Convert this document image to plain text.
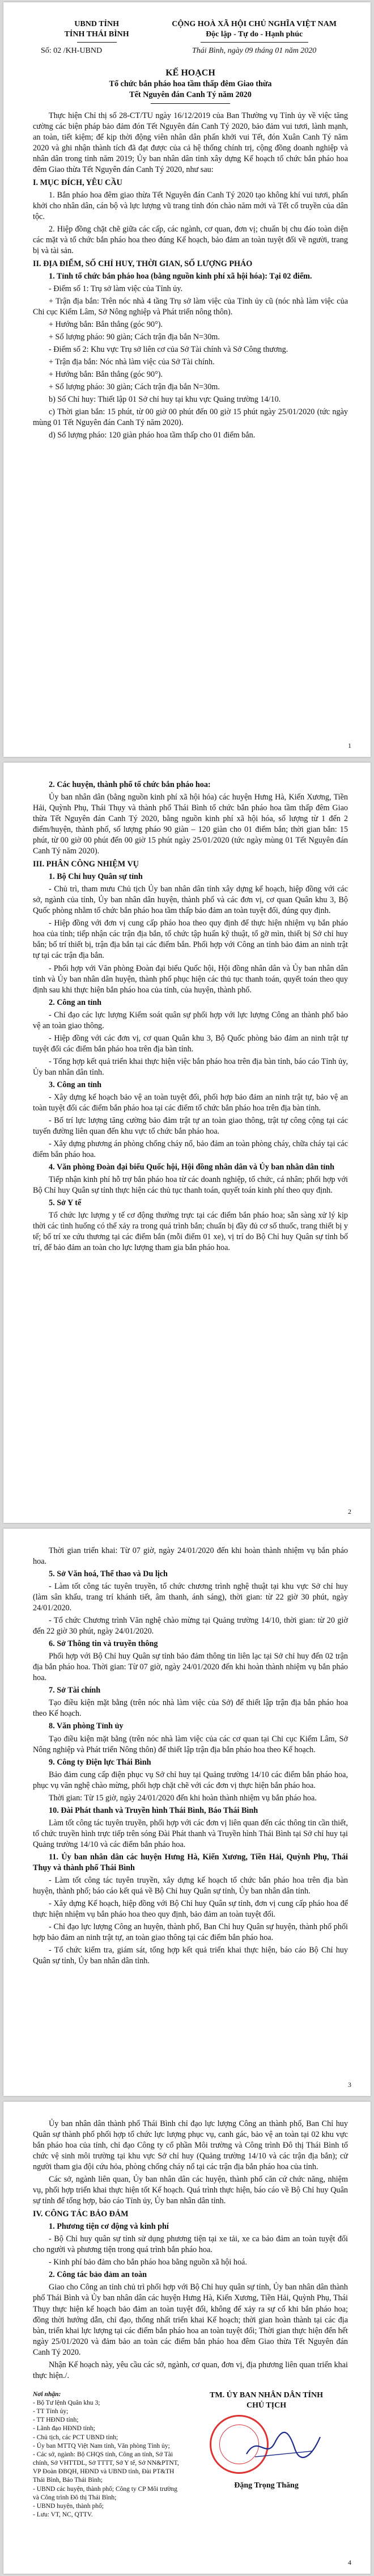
UBND TỈNH
TỈNH THÁI BÌNH
Số: 02 /KH-UBND
CỘNG HOÀ XÃ HỘI CHỦ NGHĨA VIỆT NAM
Độc lập - Tự do - Hạnh phúc
Thái Bình, ngày 09 tháng 01 năm 2020
KẾ HOẠCH
Tổ chức bắn pháo hoa tầm thấp đêm Giao thừa
Tết Nguyên đán Canh Tý năm 2020

Thực hiện Chỉ thị số 28-CT/TU ngày 16/12/2019 của Ban Thường vụ Tỉnh ủy về việc tăng cường các biện pháp bảo đảm đón Tết Nguyên đán Canh Tý 2020, bảo đảm vui tươi, lành mạnh, an toàn, tiết kiệm; để kịp thời động viên nhân dân phấn khởi vui Tết, đón Xuân Canh Tý năm 2020 và ghi nhận thành tích đã đạt được của cả hệ thống chính trị, cộng đồng doanh nghiệp và nhân dân trong tỉnh năm 2019; Ủy ban nhân dân tỉnh xây dựng Kế hoạch tổ chức bắn pháo hoa đêm Giao thừa Tết Nguyên đán Canh Tý 2020, như sau:

I. MỤC ĐÍCH, YÊU CẦU

1. Bắn pháo hoa đêm giao thừa Tết Nguyên đán Canh Tý 2020 tạo không khí vui tươi, phấn khởi cho nhân dân, cán bộ và lực lượng vũ trang tỉnh đón chào năm mới và Tết cổ truyền của dân tộc.

2. Hiệp đồng chặt chẽ giữa các cấp, các ngành, cơ quan, đơn vị; chuẩn bị chu đáo toàn diện các mặt và tổ chức bắn pháo hoa theo đúng Kế hoạch, bảo đảm an toàn tuyệt đối về người, trang bị và tài sản.

II. ĐỊA ĐIỂM, SỐ CHỈ HUY, THỜI GIAN, SỐ LƯỢNG PHÁO

1. Tỉnh tổ chức bắn pháo hoa (bằng nguồn kinh phí xã hội hóa): Tại 02 điểm.

- Điểm số 1: Trụ sở làm việc của Tỉnh ủy.

+ Trận địa bắn: Trên nóc nhà 4 tầng Trụ sở làm việc của Tỉnh ủy cũ (nóc nhà làm việc của Chi cục Kiểm Lâm, Sở Nông nghiệp và Phát triển nông thôn).

+ Hướng bắn: Bắn thẳng (góc 90°).

+ Số lượng pháo: 90 giàn; Cách trận địa bắn N=30m.

- Điểm số 2: Khu vực Trụ sở liên cơ của Sở Tài chính và Sở Công thương.

+ Trận địa bắn: Nóc nhà làm việc của Sở Tài chính.

+ Hướng bắn: Bắn thẳng (góc 90°).

+ Số lượng pháo: 30 giàn; Cách trận địa bắn N=30m.

b) Số Chỉ huy: Thiết lập 01 Sở chỉ huy tại khu vực Quảng trường 14/10.

c) Thời gian bắn: 15 phút, từ 00 giờ 00 phút đến 00 giờ 15 phút ngày 25/01/2020 (tức ngày mùng 01 Tết Nguyên đán Canh Tý năm 2020).

d) Số lượng pháo: 120 giàn pháo hoa tầm thấp cho 01 điểm bắn.

1

2. Các huyện, thành phố tổ chức bắn pháo hoa:

Ủy ban nhân dân (bằng nguồn kinh phí xã hội hóa) các huyện Hưng Hà, Kiến Xương, Tiền Hải, Quỳnh Phụ, Thái Thụy và thành phố Thái Bình tổ chức bắn pháo hoa tầm thấp đêm Giao thừa Tết Nguyên đán Canh Tý 2020, bằng nguồn kinh phí xã hội hóa, số lượng từ 1 đến 2 điểm/huyện, thành phố, số lượng pháo 90 giàn – 120 giàn cho 01 điểm bắn; thời gian bắn: 15 phút, từ 00 giờ 00 phút đến 00 giờ 15 phút ngày 25/01/2020 (tức ngày mùng 01 Tết Nguyên đán Canh Tý năm 2020).

III. PHÂN CÔNG NHIỆM VỤ

1. Bộ Chỉ huy Quân sự tỉnh

- Chủ trì, tham mưu Chủ tịch Ủy ban nhân dân tỉnh xây dựng kế hoạch, hiệp đồng với các sở, ngành của tỉnh, Ủy ban nhân dân huyện, thành phố và các đơn vị, cơ quan Quân khu 3, Bộ Quốc phòng nhằm tổ chức bắn pháo hoa tầm thấp bảo đảm an toàn tuyệt đối, đúng quy định.

- Hiệp đồng với đơn vị cung cấp pháo hoa theo quy định để thực hiện nhiệm vụ bắn pháo hoa của tỉnh; tiếp nhận các trận địa bắn, tổ chức tập huấn kỹ thuật, tổ gỡ mìn, thiết bị Sở chỉ huy bắn; bố trí thiết bị, trận địa bắn tại các điểm bắn. Phối hợp với Công an tỉnh bảo đảm an ninh trật tự tại các trận địa bắn.

- Phối hợp với Văn phòng Đoàn đại biểu Quốc hội, Hội đồng nhân dân và Ủy ban nhân dân tỉnh và Ủy ban nhân dân huyện, thành phố phục hiện các thủ tục thanh toán, quyết toán theo quy định sau khi thực hiện bắn pháo hoa của tỉnh, của huyện, thành phố.

2. Công an tỉnh

- Chỉ đạo các lực lượng Kiểm soát quân sự phối hợp với lực lượng Công an thành phố bảo vệ an toàn giao thông.

- Hiệp đồng với các đơn vị, cơ quan Quân khu 3, Bộ Quốc phòng bảo đảm an ninh trật tự tuyệt đối các điểm bắn pháo hoa trên địa bàn tỉnh.

- Tổng hợp kết quả triển khai thực hiện việc bắn pháo hoa trên địa bàn tỉnh, báo cáo Tỉnh ủy, Ủy ban nhân dân tỉnh.

3. Công an tỉnh

- Xây dựng kế hoạch bảo vệ an toàn tuyệt đối, phối hợp bảo đảm an ninh trật tự, bảo vệ an toàn tuyệt đối các điểm bắn pháo hoa tại các điểm tổ chức bắn pháo hoa trên địa bàn tỉnh.

- Bố trí lực lượng tăng cường bảo đảm trật tự an toàn giao thông, trật tự công cộng tại các tuyến đường liên quan đến khu vực tổ chức bắn pháo hoa.

- Xây dựng phương án phòng chống cháy nổ, bảo đảm an toàn phòng cháy, chữa cháy tại các điểm bắn pháo hoa.

4. Văn phòng Đoàn đại biểu Quốc hội, Hội đồng nhân dân và Ủy ban nhân dân tỉnh

Tiếp nhận kinh phí hỗ trợ bắn pháo hoa từ các doanh nghiệp, tổ chức, cá nhân; phối hợp với Bộ Chỉ huy Quân sự tỉnh thực hiện các thủ tục thanh toán, quyết toán kinh phí theo quy định.

5. Sở Y tế

Tổ chức lực lượng y tế cơ động thường trực tại các điểm bắn pháo hoa; sẵn sàng xử lý kịp thời các tình huống có thể xảy ra trong quá trình bắn; chuẩn bị đầy đủ cơ số thuốc, trang thiết bị y tế; bố trí xe cứu thương tại các điểm bắn (mỗi điểm 01 xe), vị trí do Bộ Chỉ huy Quân sự tỉnh bố trí, để bảo đảm an toàn cho lực lượng tham gia bắn pháo hoa.

2

Thời gian triển khai: Từ 07 giờ, ngày 24/01/2020 đến khi hoàn thành nhiệm vụ bắn pháo hoa.

5. Sở Văn hoá, Thể thao và Du lịch

- Làm tốt công tác tuyên truyền, tổ chức chương trình nghệ thuật tại khu vực Sở chỉ huy (làm sân khấu, trang trí khánh tiết, âm thanh, ánh sáng), thời gian: từ 22 giờ 30 phút, ngày 24/01/2020.

- Tổ chức Chương trình Văn nghệ chào mừng tại Quảng trường 14/10, thời gian: từ 20 giờ đến 22 giờ 30 phút, ngày 24/01/2020.

6. Sở Thông tin và truyền thông

Phối hợp với Bộ Chỉ huy Quân sự tỉnh bảo đảm thông tin liên lạc tại Sở chỉ huy đến 02 trận địa bắn pháo hoa. Thời gian: Từ 07 giờ, ngày 24/01/2020 đến khi hoàn thành nhiệm vụ bắn pháo hoa.

7. Sở Tài chính

Tạo điều kiện mặt bằng (trên nóc nhà làm việc của Sở) để thiết lập trận địa bắn pháo hoa theo Kế hoạch.

8. Văn phòng Tỉnh ủy

Tạo điều kiện mặt bằng (trên nóc nhà làm việc của các cơ quan tại Chi cục Kiểm Lâm, Sở Nông nghiệp và Phát triển Nông thôn) để thiết lập trận địa bắn pháo hoa theo Kế hoạch.

9. Công ty Điện lực Thái Bình

Bảo đảm cung cấp điện phục vụ Sở chỉ huy tại Quảng trường 14/10 các điểm bắn pháo hoa, phục vụ văn nghệ chào mừng, phối hợp chặt chẽ với các đơn vị thực hiện bắn pháo hoa.

Thời gian: Từ 15 giờ, ngày 24/01/2020 đến khi hoàn thành nhiệm vụ bắn pháo hoa.

10. Đài Phát thanh và Truyền hình Thái Bình, Báo Thái Bình

Làm tốt công tác tuyên truyền, phối hợp với các đơn vị liên quan đến các thông tin cần thiết, tổ chức truyền hình trực tiếp trên sóng Đài Phát thanh và Truyền hình Thái Bình tại Sở chỉ huy tại Quảng trường 14/10 và các điểm bắn pháo hoa.

11. Ủy ban nhân dân các huyện Hưng Hà, Kiến Xương, Tiền Hải, Quỳnh Phụ, Thái Thụy và thành phố Thái Bình

- Làm tốt công tác tuyên truyền, xây dựng kế hoạch tổ chức bắn pháo hoa trên địa bàn huyện, thành phố; báo cáo kết quả về Bộ Chỉ huy Quân sự tỉnh, Ủy ban nhân dân tỉnh.

- Xây dựng Kế hoạch, hiệp đồng với Bộ Chỉ huy Quân sự tỉnh, đơn vị cung cấp pháo hoa để thực hiện nhiệm vụ bắn pháo hoa theo quy định, bảo đảm an toàn tuyệt đối.

- Chỉ đạo lực lượng Công an huyện, thành phố, Ban Chỉ huy Quân sự huyện, thành phố phối hợp bảo đảm an ninh trật tự, an toàn giao thông tại các điểm bắn pháo hoa.

- Tổ chức kiểm tra, giám sát, tổng hợp kết quả triển khai thực hiện, báo cáo Bộ Chỉ huy Quân sự tỉnh, Ủy ban nhân dân tỉnh.

3

Ủy ban nhân dân thành phố Thái Bình chỉ đạo lực lượng Công an thành phố, Ban Chỉ huy Quân sự thành phố phối hợp tổ chức lực lượng phục vụ, canh gác, bảo vệ an toàn tại 02 khu vực bắn pháo hoa của tỉnh, chỉ đạo Công ty cổ phần Môi trường và Công trình Đô thị Thái Bình tổ chức vệ sinh môi trường tại khu vực Sở chỉ huy (Quảng trường 14/10 và các trận địa bắn); cử người tham gia đội cứu hỏa, phòng chống cháy nổ tại các trận địa bắn pháo hoa của tỉnh.

Các sở, ngành liên quan, Ủy ban nhân dân các huyện, thành phố căn cứ chức năng, nhiệm vụ, phối hợp triển khai thực hiện tốt Kế hoạch. Quá trình thực hiện, báo cáo về Bộ Chỉ huy Quân sự tỉnh để tổng hợp, báo cáo Tỉnh ủy, Ủy ban nhân dân tỉnh.

IV. CÔNG TÁC BẢO ĐẢM

1. Phương tiện cơ động và kinh phí

- Bộ Chỉ huy quân sự tỉnh sử dụng phương tiện tại xe tải, xe ca bảo đảm an toàn tuyệt đối cho người và phương tiện trong quá trình bắn pháo hoa.

- Kinh phí bảo đảm cho bắn pháo hoa bằng nguồn xã hội hoá.

2. Công tác bảo đảm an toàn

Giao cho Công an tỉnh chủ trì phối hợp với Bộ Chỉ huy quân sự tỉnh, Ủy ban nhân dân thành phố Thái Bình và Ủy ban nhân dân các huyện Hưng Hà, Kiến Xương, Tiền Hải, Quỳnh Phụ, Thái Thụy thực hiện kế hoạch bảo đảm an toàn tuyệt đối, không để xảy ra sự cố khi bắn pháo hoa; đồng thời hướng dẫn, chỉ đạo, thống nhất triển khai Kế hoạch; thời gian hoàn thành tại các địa bàn, triển khai lực lượng tại các điểm bắn pháo hoa an toàn tuyệt đối; Thời gian thực hiện đến hết ngày 25/01/2020 và đảm bảo an toàn các điểm bắn pháo hoa đêm Giao thừa Tết Nguyên đán Canh Tý 2020.

Nhận Kế hoạch này, yêu cầu các sở, ngành, cơ quan, đơn vị, địa phương liên quan triển khai thực hiện./.

Nơi nhận:
- Bộ Tư lệnh Quân khu 3;
- TT Tỉnh ủy;
- TT HĐND tỉnh;
- Lãnh đạo HĐND tỉnh;
- Chủ tịch, các PCT UBND tỉnh;
- Ủy ban MTTQ Việt Nam tỉnh, Văn phòng Tỉnh ủy;
- Các sở, ngành: Bộ CHQS tỉnh, Công an tỉnh, Sở Tài chính, Sở VHTTDL, Sở TTTT, Sở Y tế, Sở NN&PTNT, VP Đoàn ĐBQH, HĐND và UBND tỉnh, Đài PT&TH Thái Bình, Báo Thái Bình;
- UBND các huyện, thành phố; Công ty CP Môi trường và Công trình Đô thị Thái Bình;
- UBND huyện, thành phố;
- Lưu: VT, NC, QTTV.
TM. ỦY BAN NHÂN DÂN TỈNH
CHỦ TỊCH
Đặng Trọng Thăng
4
